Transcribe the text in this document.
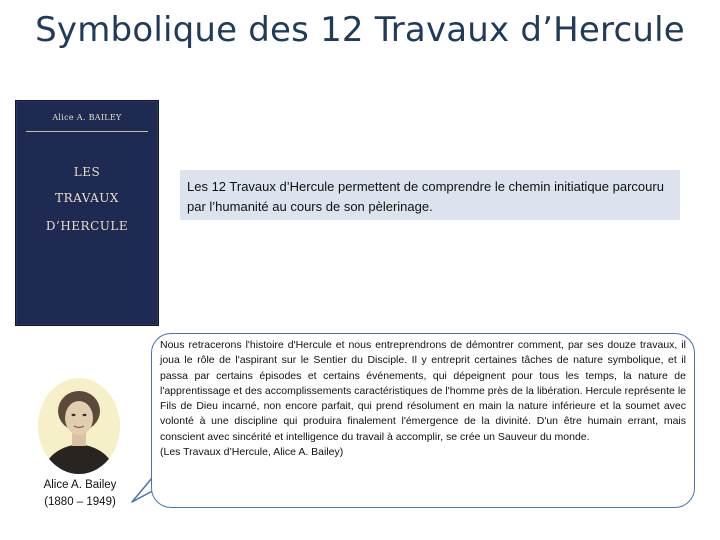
Symbolique des 12 Travaux d’Hercule
Alice A. BAILEY
LES
TRAVAUX
D’HERCULE
Les 12 Travaux d’Hercule permettent de comprendre le chemin initiatique parcouru par l’humanité au cours de son pèlerinage.
Alice A. Bailey
(1880 – 1949)

Nous retracerons l'histoire d'Hercule et nous entreprendrons de démontrer comment, par ses douze travaux, il joua le rôle de l'aspirant sur le Sentier du Disciple. Il y entreprit certaines tâches de nature symbolique, et il passa par certains épisodes et certains événements, qui dépeignent pour tous les temps, la nature de l'apprentissage et des accomplissements caractéristiques de l'homme près de la libération. Hercule représente le Fils de Dieu incarné, non encore parfait, qui prend résolument en main la nature inférieure et la soumet avec volonté à une discipline qui produira finalement l'émergence de la divinité. D'un être humain errant, mais conscient avec sincérité et intelligence du travail à accomplir, se crée un Sauveur du monde.

(Les Travaux d’Hercule, Alice A. Bailey)
